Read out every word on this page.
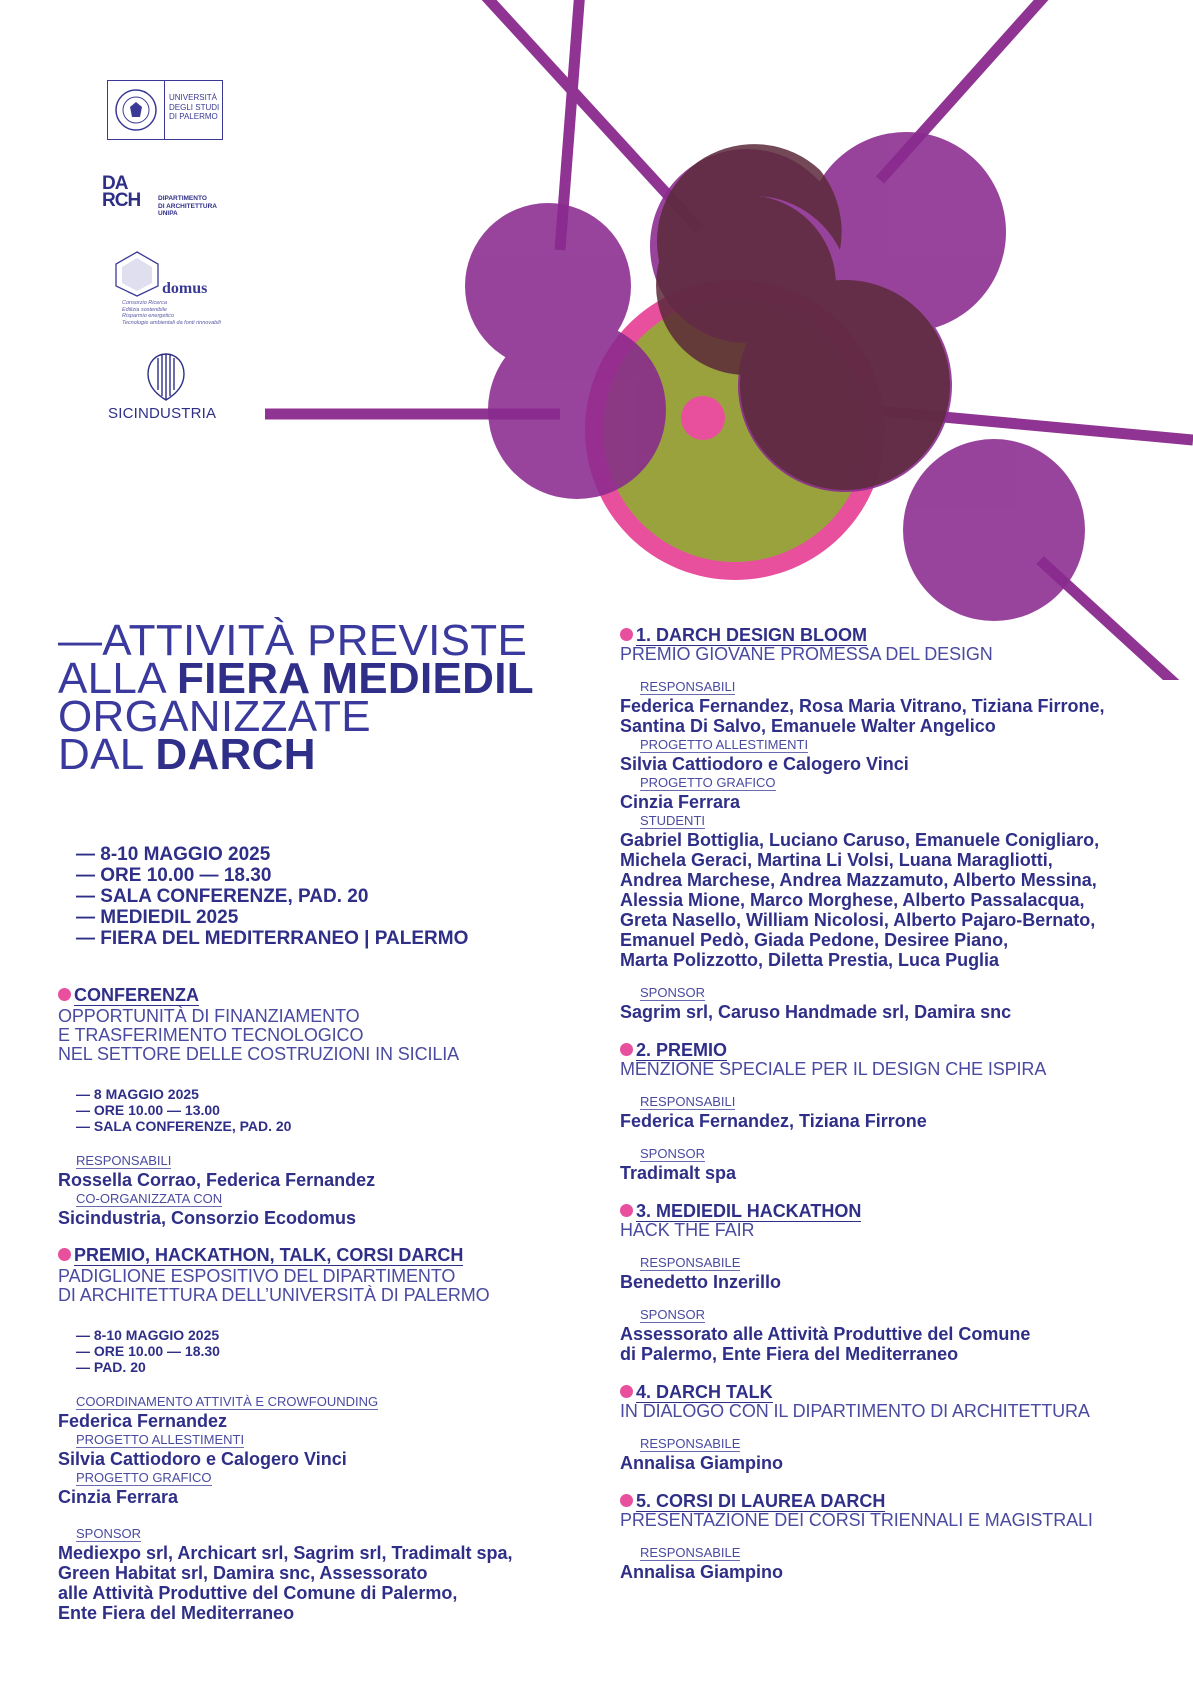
UNIVERSITÀ
DEGLI STUDI
DI PALERMO
DA
RCH	DIPARTIMENTO
DI ARCHITETTURA
UNIPA
domus
Consorzio Ricerca
Edilizia sostenibile
Risparmio energetico
Tecnologie ambientali da fonti rinnovabili
SICINDUSTRIA
—ATTIVITÀ PREVISTE
ALLA FIERA MEDIEDIL
ORGANIZZATE
DAL DARCH
— 8-10 MAGGIO 2025
— ORE 10.00 — 18.30
— SALA CONFERENZE, PAD. 20
— MEDIEDIL 2025
— FIERA DEL MEDITERRANEO | PALERMO
CONFERENZA
OPPORTUNITÀ DI FINANZIAMENTO
E TRASFERIMENTO TECNOLOGICO
NEL SETTORE DELLE COSTRUZIONI IN SICILIA
— 8 MAGGIO 2025
— ORE 10.00 — 13.00
— SALA CONFERENZE, PAD. 20
RESPONSABILI
Rossella Corrao, Federica Fernandez
CO-ORGANIZZATA CON
Sicindustria, Consorzio Ecodomus
PREMIO, HACKATHON, TALK, CORSI DARCH
PADIGLIONE ESPOSITIVO DEL DIPARTIMENTO
DI ARCHITETTURA DELL’UNIVERSITÀ DI PALERMO
— 8-10 MAGGIO 2025
— ORE 10.00 — 18.30
— PAD. 20
COORDINAMENTO ATTIVITÀ E CROWFOUNDING
Federica Fernandez
PROGETTO ALLESTIMENTI
Silvia Cattiodoro e Calogero Vinci
PROGETTO GRAFICO
Cinzia Ferrara
SPONSOR
Mediexpo srl, Archicart srl, Sagrim srl, Tradimalt spa,
Green Habitat srl, Damira snc, Assessorato
alle Attività Produttive del Comune di Palermo,
Ente Fiera del Mediterraneo
1. DARCH DESIGN BLOOM
PREMIO GIOVANE PROMESSA DEL DESIGN
RESPONSABILI
Federica Fernandez, Rosa Maria Vitrano, Tiziana Firrone,
Santina Di Salvo, Emanuele Walter Angelico
PROGETTO ALLESTIMENTI
Silvia Cattiodoro e Calogero Vinci
PROGETTO GRAFICO
Cinzia Ferrara
STUDENTI
Gabriel Bottiglia, Luciano Caruso, Emanuele Conigliaro,
Michela Geraci, Martina Li Volsi, Luana Maragliotti,
Andrea Marchese, Andrea Mazzamuto, Alberto Messina,
Alessia Mione, Marco Morghese, Alberto Passalacqua,
Greta Nasello, William Nicolosi, Alberto Pajaro-Bernato,
Emanuel Pedò, Giada Pedone, Desiree Piano,
Marta Polizzotto, Diletta Prestia, Luca Puglia
SPONSOR
Sagrim srl, Caruso Handmade srl, Damira snc
2. PREMIO
MENZIONE SPECIALE PER IL DESIGN CHE ISPIRA
RESPONSABILI
Federica Fernandez, Tiziana Firrone
SPONSOR
Tradimalt spa
3. MEDIEDIL HACKATHON
HACK THE FAIR
RESPONSABILE
Benedetto Inzerillo
SPONSOR
Assessorato alle Attività Produttive del Comune
di Palermo, Ente Fiera del Mediterraneo
4. DARCH TALK
IN DIALOGO CON IL DIPARTIMENTO DI ARCHITETTURA
RESPONSABILE
Annalisa Giampino
5. CORSI DI LAUREA DARCH
PRESENTAZIONE DEI CORSI TRIENNALI E MAGISTRALI
RESPONSABILE
Annalisa Giampino
